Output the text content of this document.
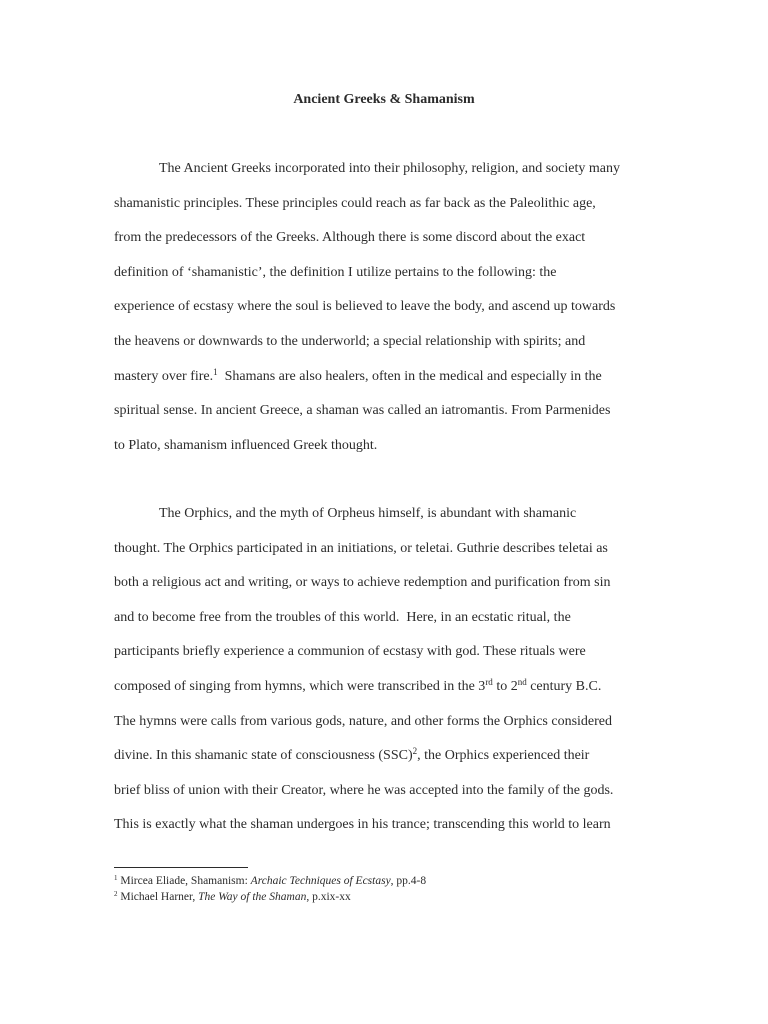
Ancient Greeks & Shamanism

The Ancient Greeks incorporated into their philosophy, religion, and society many
shamanistic principles. These principles could reach as far back as the Paleolithic age,
from the predecessors of the Greeks. Although there is some discord about the exact
definition of ‘shamanistic’, the definition I utilize pertains to the following: the
experience of ecstasy where the soul is believed to leave the body, and ascend up towards
the heavens or downwards to the underworld; a special relationship with spirits; and
mastery over fire.$^1$  Shamans are also healers, often in the medical and especially in the
spiritual sense. In ancient Greece, a shaman was called an iatromantis. From Parmenides
to Plato, shamanism influenced Greek thought.

The Orphics, and the myth of Orpheus himself, is abundant with shamanic
thought. The Orphics participated in an initiations, or teletai. Guthrie describes teletai as
both a religious act and writing, or ways to achieve redemption and purification from sin
and to become free from the troubles of this world.  Here, in an ecstatic ritual, the
participants briefly experience a communion of ecstasy with god. These rituals were
composed of singing from hymns, which were transcribed in the 3rd to 2nd century B.C.
The hymns were calls from various gods, nature, and other forms the Orphics considered
divine. In this shamanic state of consciousness (SSC)$^2$, the Orphics experienced their
brief bliss of union with their Creator, where he was accepted into the family of the gods.
This is exactly what the shaman undergoes in his trance; transcending this world to learn

$^1$ Mircea Eliade, Shamanism: Archaic Techniques of Ecstasy, pp.4-8
$^2$ Michael Harner, The Way of the Shaman, p.xix-xx
